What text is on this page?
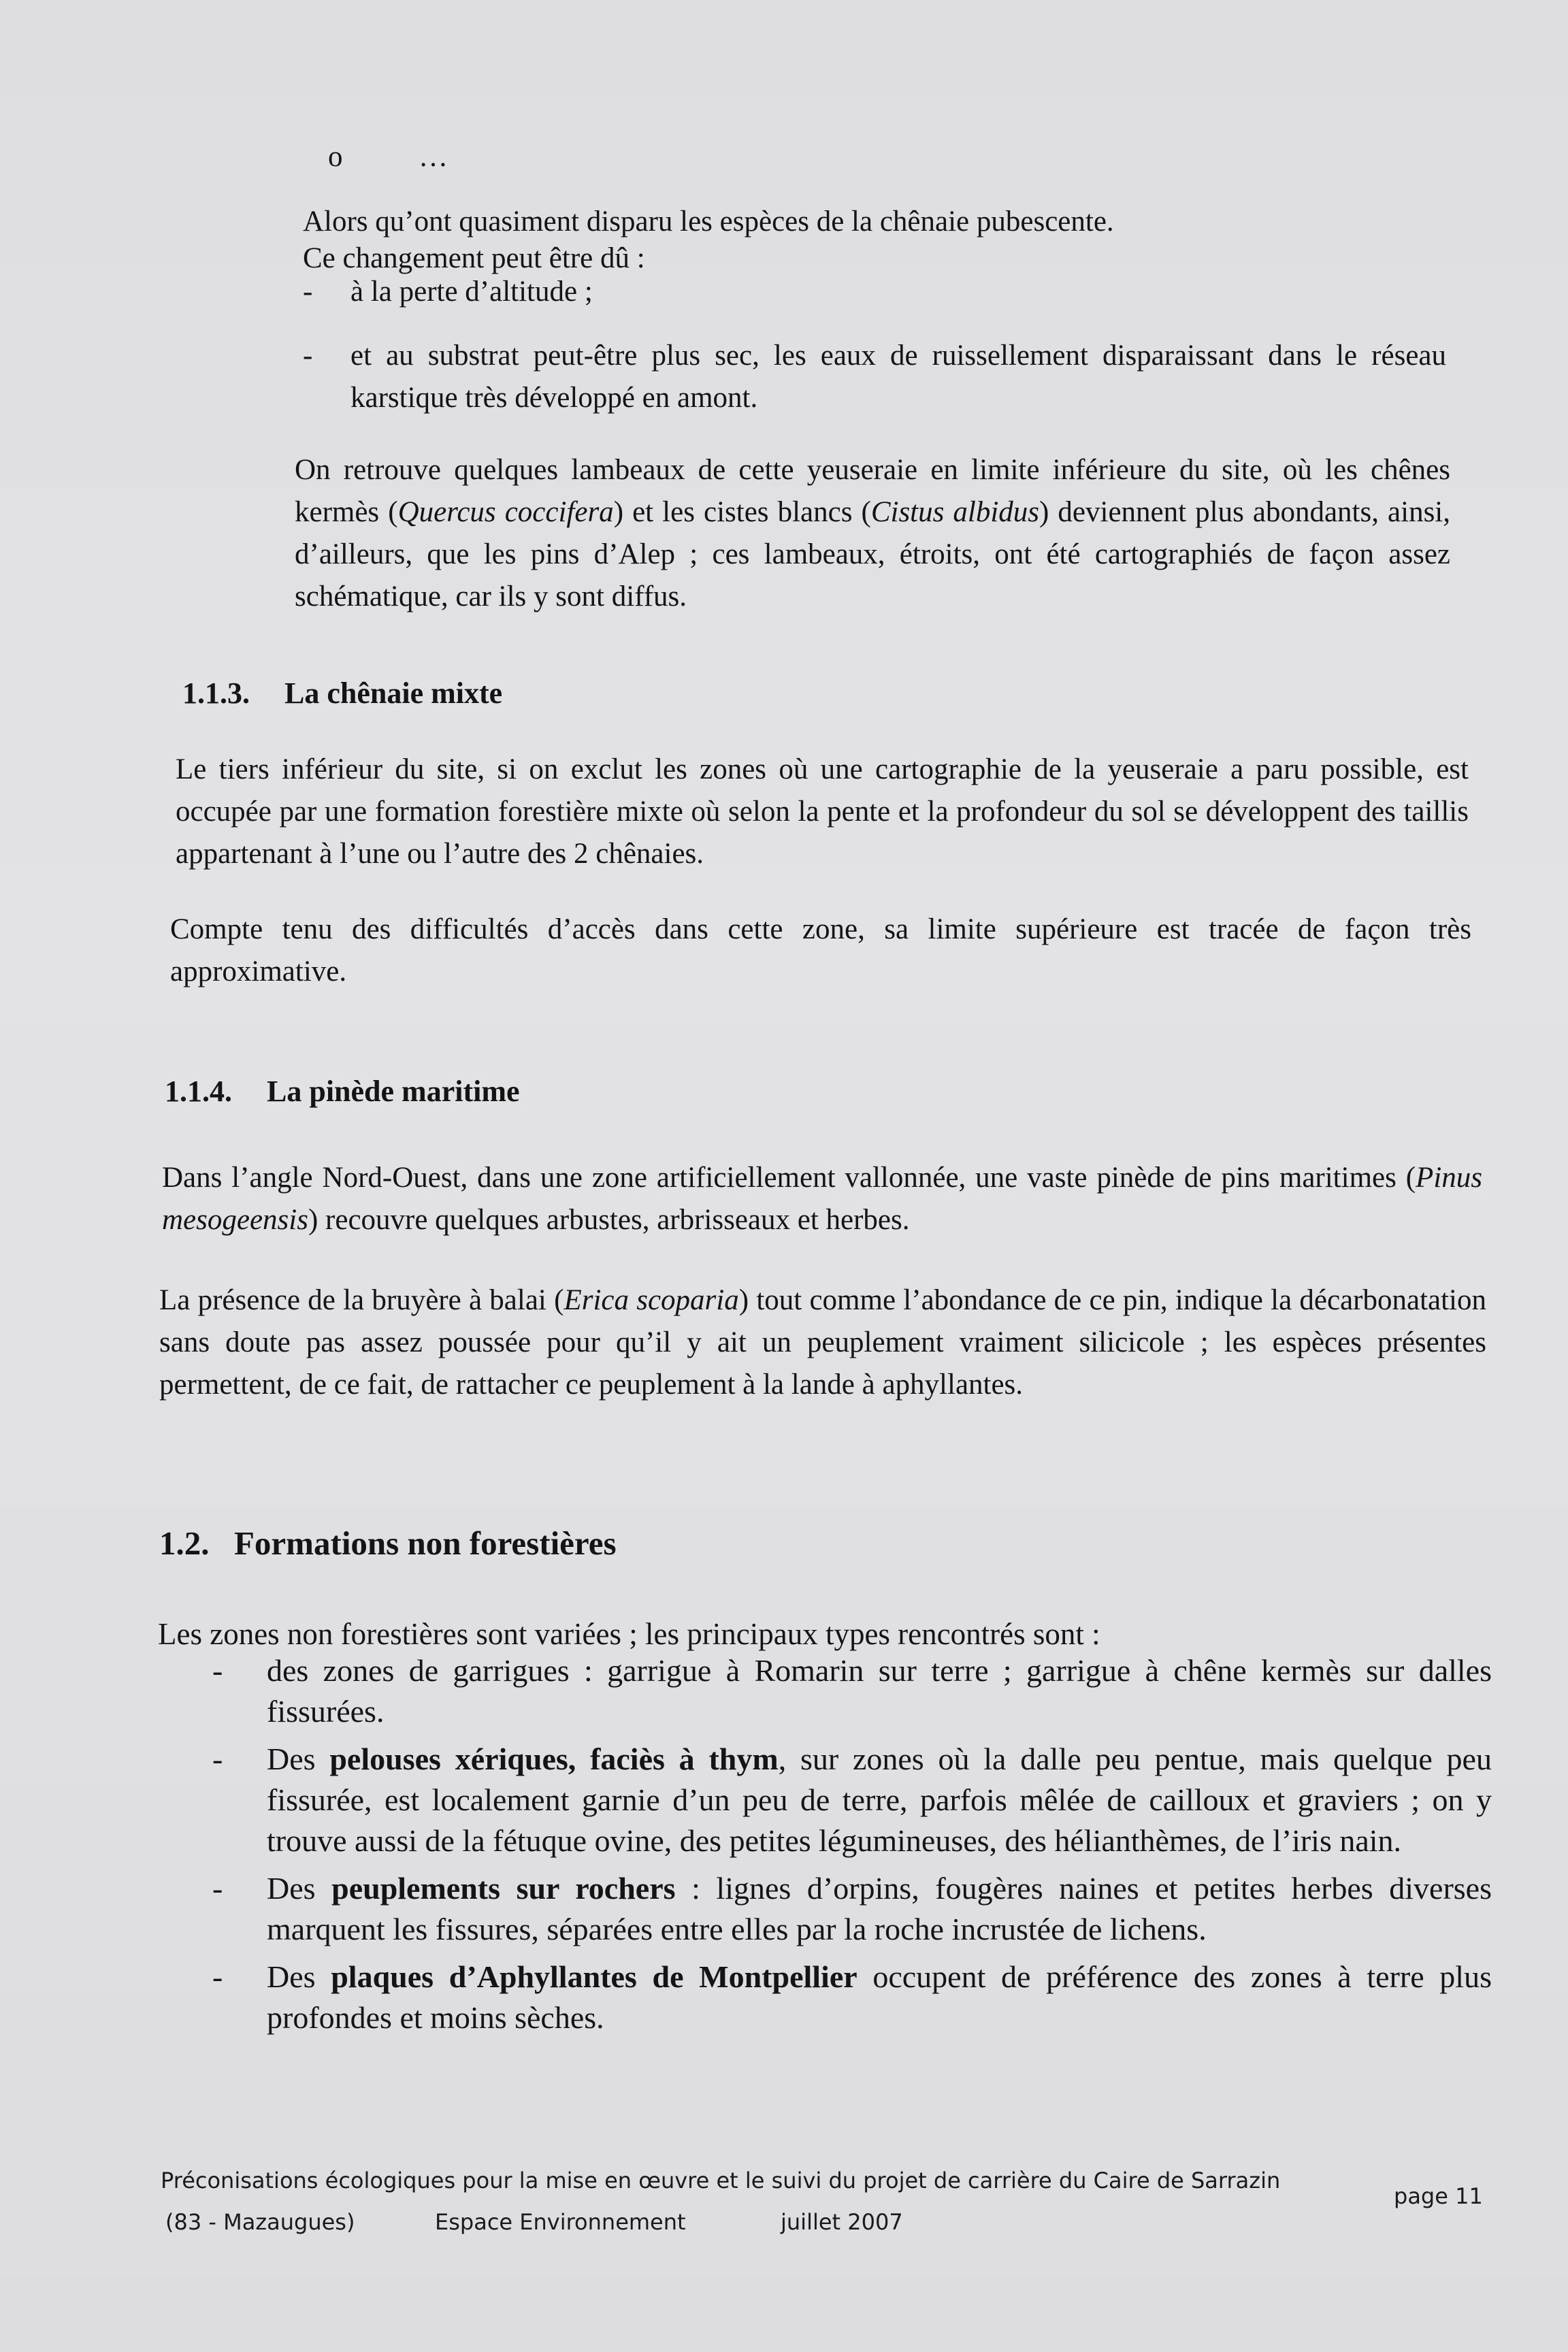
o	…
Alors qu’ont quasiment disparu les espèces de la chênaie pubescente.
Ce changement peut être dû :
- à la perte d’altitude ;
- et au substrat peut-être plus sec, les eaux de ruissellement disparaissant dans le réseau karstique très développé en amont.
On retrouve quelques lambeaux de cette yeuseraie en limite inférieure du site, où les chênes kermès (Quercus coccifera) et les cistes blancs (Cistus albidus) deviennent plus abondants, ainsi, d’ailleurs, que les pins d’Alep ; ces lambeaux, étroits, ont été cartographiés de façon assez schématique, car ils y sont diffus.
1.1.3. La chênaie mixte
Le tiers inférieur du site, si on exclut les zones où une cartographie de la yeuseraie a paru possible, est occupée par une formation forestière mixte où selon la pente et la profondeur du sol se développent des taillis appartenant à l’une ou l’autre des 2 chênaies.
Compte tenu des difficultés d’accès dans cette zone, sa limite supérieure est tracée de façon très approximative.
1.1.4. La pinède maritime
Dans l’angle Nord-Ouest, dans une zone artificiellement vallonnée, une vaste pinède de pins maritimes (Pinus mesogeensis) recouvre quelques arbustes, arbrisseaux et herbes.
La présence de la bruyère à balai (Erica scoparia) tout comme l’abondance de ce pin, indique la décarbonatation sans doute pas assez poussée pour qu’il y ait un peuplement vraiment silicicole ; les espèces présentes permettent, de ce fait, de rattacher ce peuplement à la lande à aphyllantes.
1.2. Formations non forestières
Les zones non forestières sont variées ; les principaux types rencontrés sont :
- des zones de garrigues : garrigue à Romarin sur terre ; garrigue à chêne kermès sur dalles fissurées.
- Des pelouses xériques, faciès à thym, sur zones où la dalle peu pentue, mais quelque peu fissurée, est localement garnie d’un peu de terre, parfois mêlée de cailloux et graviers ; on y trouve aussi de la fétuque ovine, des petites légumineuses, des hélianthèmes, de l’iris nain.
- Des peuplements sur rochers : lignes d’orpins, fougères naines et petites herbes diverses marquent les fissures, séparées entre elles par la roche incrustée de lichens.
- Des plaques d’Aphyllantes de Montpellier occupent de préférence des zones à terre plus profondes et moins sèches.
Préconisations écologiques pour la mise en œuvre et le suivi du projet de carrière du Caire de Sarrazin
(83 - Mazaugues)	Espace Environnement	juillet 2007
page 11
